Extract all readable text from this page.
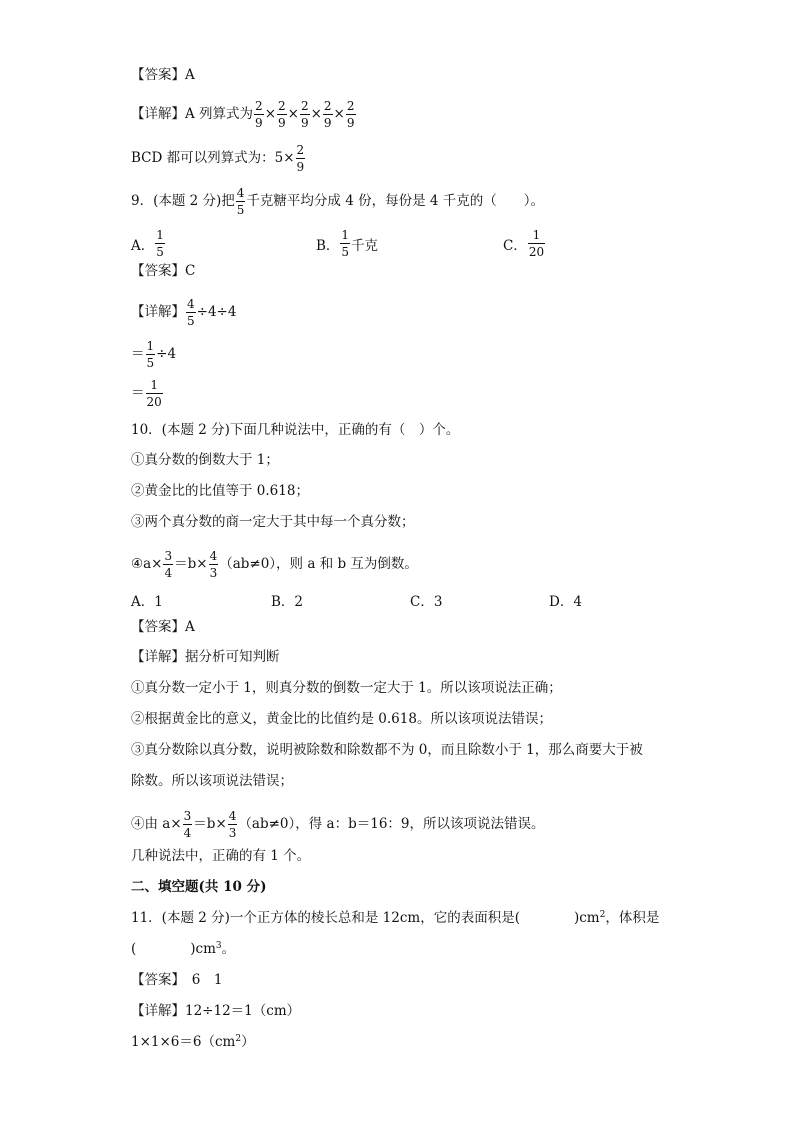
【答案】A
【详解】A 列算式为 $\frac{2}{9} \times \frac{2}{9} \times \frac{2}{9} \times \frac{2}{9} \times \frac{2}{9}$
BCD 都可以列算式为：$5\times \frac{2}{9}$
9．(本题 2 分)把 $\frac{4}{5}$ 千克糖平均分成 4 份，每份是 4 千克的（　　）。
A． $\frac{1}{5}$	B． $\frac{1}{5}$ 千克	C． $\frac{1}{20}$
【答案】C
【详解】 $\frac{4}{5} \div 4\div 4$
＝ $\frac{1}{5} \div 4$
＝ $\frac{1}{20}$
10．(本题 2 分)下面几种说法中，正确的有（　）个。
①真分数的倒数大于 1；
②黄金比的比值等于 0.618；
③两个真分数的商一定大于其中每一个真分数；
④a× $\frac{3}{4} =b\times \frac{4}{3} (ab\ne 0)$，则 a 和 b 互为倒数。
A．1	B．2	C．3	D．4
【答案】A
【详解】据分析可知判断
①真分数一定小于 1，则真分数的倒数一定大于 1。所以该项说法正确；
②根据黄金比的意义，黄金比的比值约是 0.618。所以该项说法错误；
③真分数除以真分数，说明被除数和除数都不为 0，而且除数小于 1，那么商要大于被
除数。所以该项说法错误；
④由 $a\times \frac{3}{4} =b\times \frac{4}{3} (ab\ne 0)$，得 a：b＝16：9，所以该项说法错误。
几种说法中，正确的有 1 个。
二、填空题(共 10 分)
11．(本题 2 分)一个正方体的棱长总和是 12cm，它的表面积是(　　　　)$cm^2$ ，体积是
(　　　　)$cm^3$ 。
【答案】　6　1
【详解】12÷12＝1（cm）
$1\times 1\times 6=6(cm^2$ ）
